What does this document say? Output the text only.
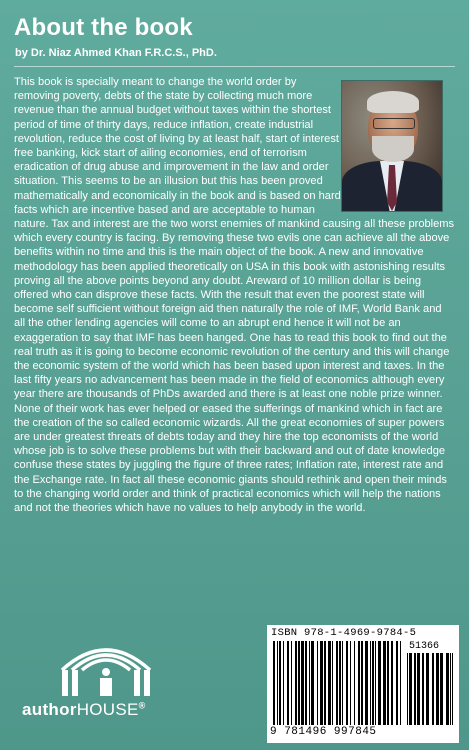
About the book
by Dr. Niaz Ahmed Khan F.R.C.S., PhD.

This book is specially meant to change the world order by removing poverty, debts of the state by collecting much more revenue than the annual budget without taxes within the shortest period of time of thirty days, reduce inflation, create industrial revolution, reduce the cost of living by at least half, start of interest free banking, kick start of ailing economies, end of terrorism eradication of drug abuse and improvement in the law and order situation. This seems to be an illusion but this has been proved mathematically and economically in the book and is based on hard facts which are incentive based and are acceptable to human nature. Tax and interest are the two worst enemies of mankind causing all these problems which every country is facing. By removing these two evils one can achieve all the above benefits within no time and this is the main object of the book. A new and innovative methodology has been applied theoretically on USA in this book with astonishing results proving all the above points beyond any doubt. Areward of 10 million dollar is being offered who can disprove these facts. With the result that even the poorest state will become self sufficient without foreign aid then naturally the role of IMF, World Bank and all the other lending agencies will come to an abrupt end hence it will not be an exaggeration to say that IMF has been hanged. One has to read this book to find out the real truth as it is going to become economic revolution of the century and this will change the economic system of the world which has been based upon interest and taxes. In the last fifty years no advancement has been made in the field of economics although every year there are thousands of PhDs awarded and there is at least one noble prize winner. None of their work has ever helped or eased the sufferings of mankind which in fact are the creation of the so called economic wizards. All the great economies of super powers are under greatest threats of debts today and they hire the top economists of the world whose job is to solve these problems but with their backward and out of date knowledge confuse these states by juggling the figure of three rates; Inflation rate, interest rate and the Exchange rate. In fact all these economic giants should rethink and open their minds to the changing world order and think of practical economics which will help the nations and not the theories which have no values to help anybody in the world.

authorHOUSE®
ISBN 978-1-4969-9784-5
51366
9 781496 997845
